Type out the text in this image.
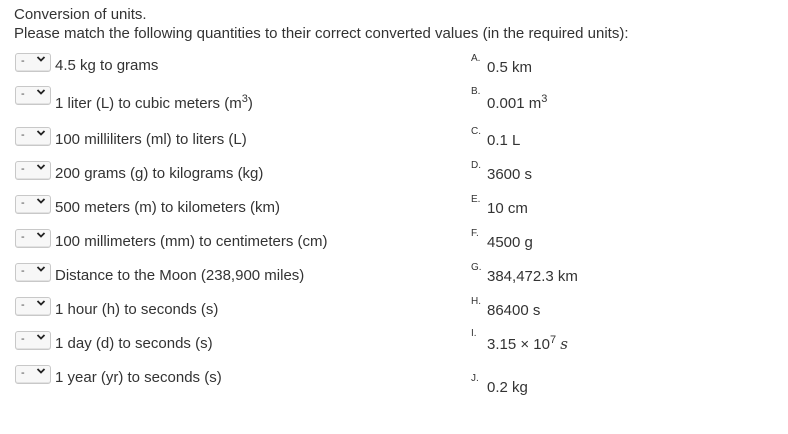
Conversion of units.
Please match the following quantities to their correct converted values (in the required units):
- 4.5 kg to grams
-
1 liter (L) to cubic meters $(m^3)$
- 100 milliliters (ml) to liters (L)
- 200 grams (g) to kilograms (kg)
- 500 meters (m) to kilometers (km)
- 100 millimeters (mm) to centimeters (cm)
- Distance to the Moon (238,900 miles)
- 1 hour (h) to seconds (s)
- 1 day (d) to seconds (s)
- 1 year (yr) to seconds (s)
A.
0.5 km
B.
0.001 $m^3$
C.
0.1 L
D.
3600 s
E.
10 cm
F.
4500 g
G.
384,472.3 km
H.
86400 s
I.
$3.15 \times 10^7$ s
J.
0.2 kg
